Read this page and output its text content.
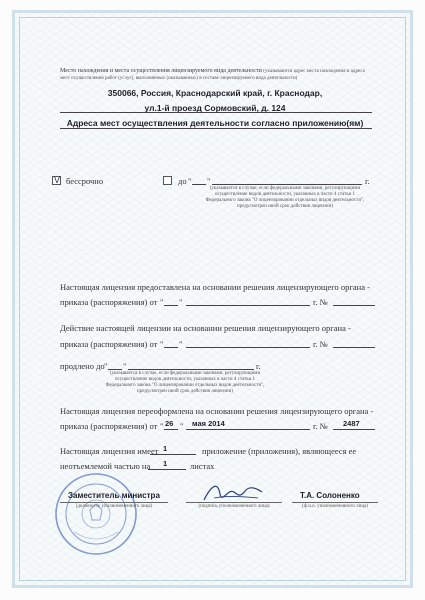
Место нахождения и места осуществления лицензируемого вида деятельности (указываются адрес места нахождения и адреса мест осуществления работ (услуг), выполняемых (оказываемых) в составе лицензируемого вида деятельности)
350066, Россия, Краснодарский край, г. Краснодар,
ул.1-й проезд Сормовский, д. 124
Адреса мест осуществления деятельности согласно приложению(ям)
V бессрочно	до " "	г.
(указывается в случае, если федеральными законами, регулирующими осуществление видов деятельности, указанных в части 4 статьи 1 Федерального закона "О лицензировании отдельных видов деятельности", предусмотрен иной срок действия лицензии)
Настоящая лицензия предоставлена на основании решения лицензирующего органа -
приказа (распоряжения) от " "	г. №
Действие настоящей лицензии на основании решения лицензирующего органа -
приказа (распоряжения) от " "	г. №
продлено до " "	г.
(указывается в случае, если федеральными законами, регулирующими осуществление видов деятельности, указанных в части 4 статьи 1 Федерального закона "О лицензировании отдельных видов деятельности", предусмотрен иной срок действия лицензии)
Настоящая лицензия переоформлена на основании решения лицензирующего органа -
приказа (распоряжения) от " 26 " мая 2014	г. № 2487
Настоящая лицензия имеет 1	приложение (приложения), являющееся ее
неотъемлемой частью на 1	листах
Заместитель министра
(должность уполномоченного лица)	(подпись уполномоченного лица)
Т.А. Солоненко
(ф.и.о. уполномоченного лица)
